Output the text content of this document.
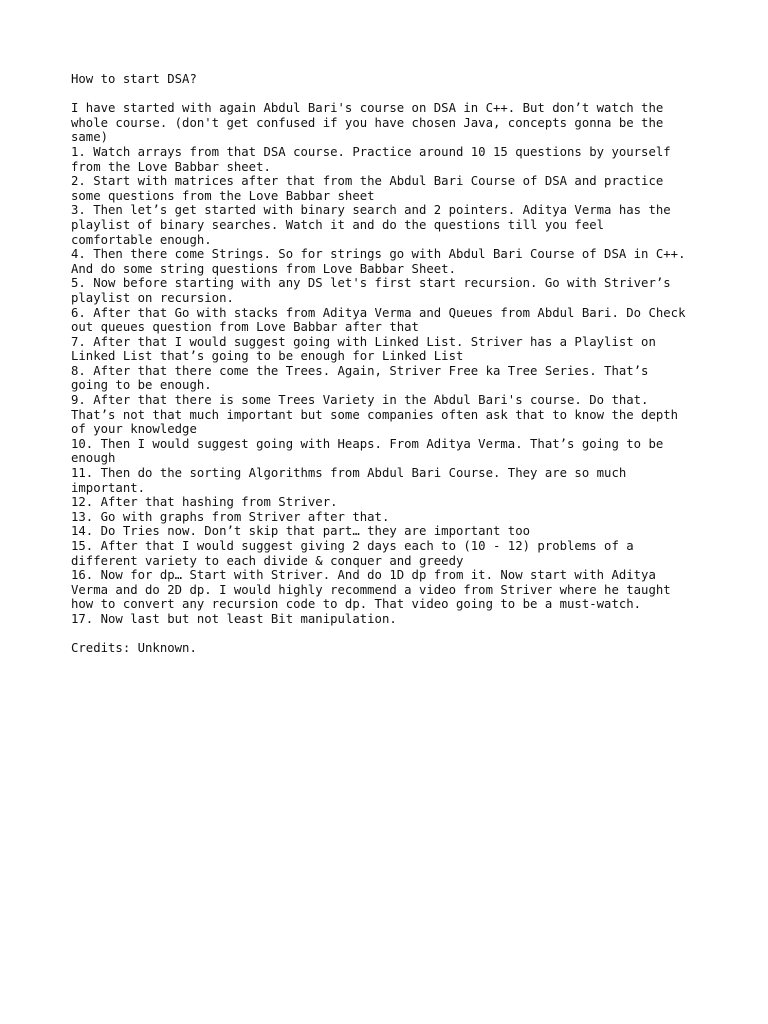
How to start DSA?
I have started with again Abdul Bari's course on DSA in C++. But don’t watch the
whole course. (don't get confused if you have chosen Java, concepts gonna be the
same)
1. Watch arrays from that DSA course. Practice around 10 15 questions by yourself
from the Love Babbar sheet.
2. Start with matrices after that from the Abdul Bari Course of DSA and practice
some questions from the Love Babbar sheet
3. Then let’s get started with binary search and 2 pointers. Aditya Verma has the
playlist of binary searches. Watch it and do the questions till you feel
comfortable enough.
4. Then there come Strings. So for strings go with Abdul Bari Course of DSA in C++.
And do some string questions from Love Babbar Sheet.
5. Now before starting with any DS let's first start recursion. Go with Striver’s
playlist on recursion.
6. After that Go with stacks from Aditya Verma and Queues from Abdul Bari. Do Check
out queues question from Love Babbar after that
7. After that I would suggest going with Linked List. Striver has a Playlist on
Linked List that’s going to be enough for Linked List
8. After that there come the Trees. Again, Striver Free ka Tree Series. That’s
going to be enough.
9. After that there is some Trees Variety in the Abdul Bari's course. Do that.
That’s not that much important but some companies often ask that to know the depth
of your knowledge
10. Then I would suggest going with Heaps. From Aditya Verma. That’s going to be
enough
11. Then do the sorting Algorithms from Abdul Bari Course. They are so much
important.
12. After that hashing from Striver.
13. Go with graphs from Striver after that.
14. Do Tries now. Don’t skip that part… they are important too
15. After that I would suggest giving 2 days each to (10 - 12) problems of a
different variety to each divide & conquer and greedy
16. Now for dp… Start with Striver. And do 1D dp from it. Now start with Aditya
Verma and do 2D dp. I would highly recommend a video from Striver where he taught
how to convert any recursion code to dp. That video going to be a must-watch.
17. Now last but not least Bit manipulation.
Credits: Unknown.
